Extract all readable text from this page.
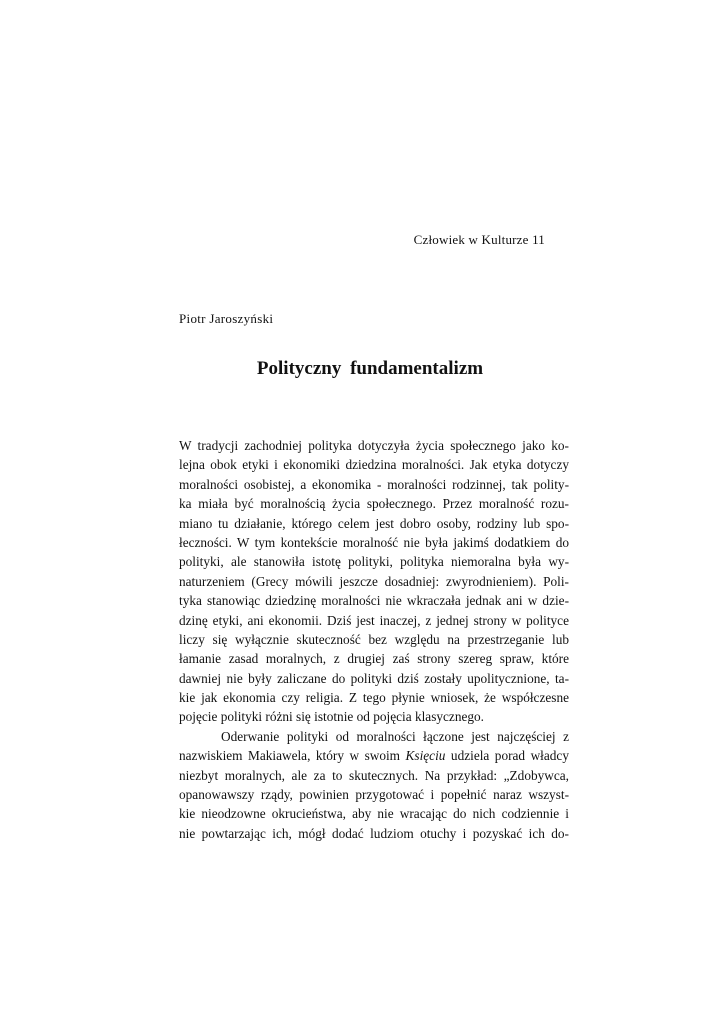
Człowiek w Kulturze 11
Piotr Jaroszyński
Polityczny fundamentalizm
W tradycji zachodniej polityka dotyczyła życia społecznego jako ko-
lejna obok etyki i ekonomiki dziedzina moralności. Jak etyka dotyczy
moralności osobistej, a ekonomika - moralności rodzinnej, tak polity-
ka miała być moralnością życia społecznego. Przez moralność rozu-
miano tu działanie, którego celem jest dobro osoby, rodziny lub spo-
łeczności. W tym kontekście moralność nie była jakimś dodatkiem do
polityki, ale stanowiła istotę polityki, polityka niemoralna była wy-
naturzeniem (Grecy mówili jeszcze dosadniej: zwyrodnieniem). Poli-
tyka stanowiąc dziedzinę moralności nie wkraczała jednak ani w dzie-
dzinę etyki, ani ekonomii. Dziś jest inaczej, z jednej strony w polityce
liczy się wyłącznie skuteczność bez względu na przestrzeganie lub
łamanie zasad moralnych, z drugiej zaś strony szereg spraw, które
dawniej nie były zaliczane do polityki dziś zostały upolitycznione, ta-
kie jak ekonomia czy religia. Z tego płynie wniosek, że współczesne
pojęcie polityki różni się istotnie od pojęcia klasycznego.
Oderwanie polityki od moralności łączone jest najczęściej z
nazwiskiem Makiawela, który w swoim Księciu udziela porad władcy
niezbyt moralnych, ale za to skutecznych. Na przykład: „Zdobywca,
opanowawszy rządy, powinien przygotować i popełnić naraz wszyst-
kie nieodzowne okrucieństwa, aby nie wracając do nich codziennie i
nie powtarzając ich, mógł dodać ludziom otuchy i pozyskać ich do-
